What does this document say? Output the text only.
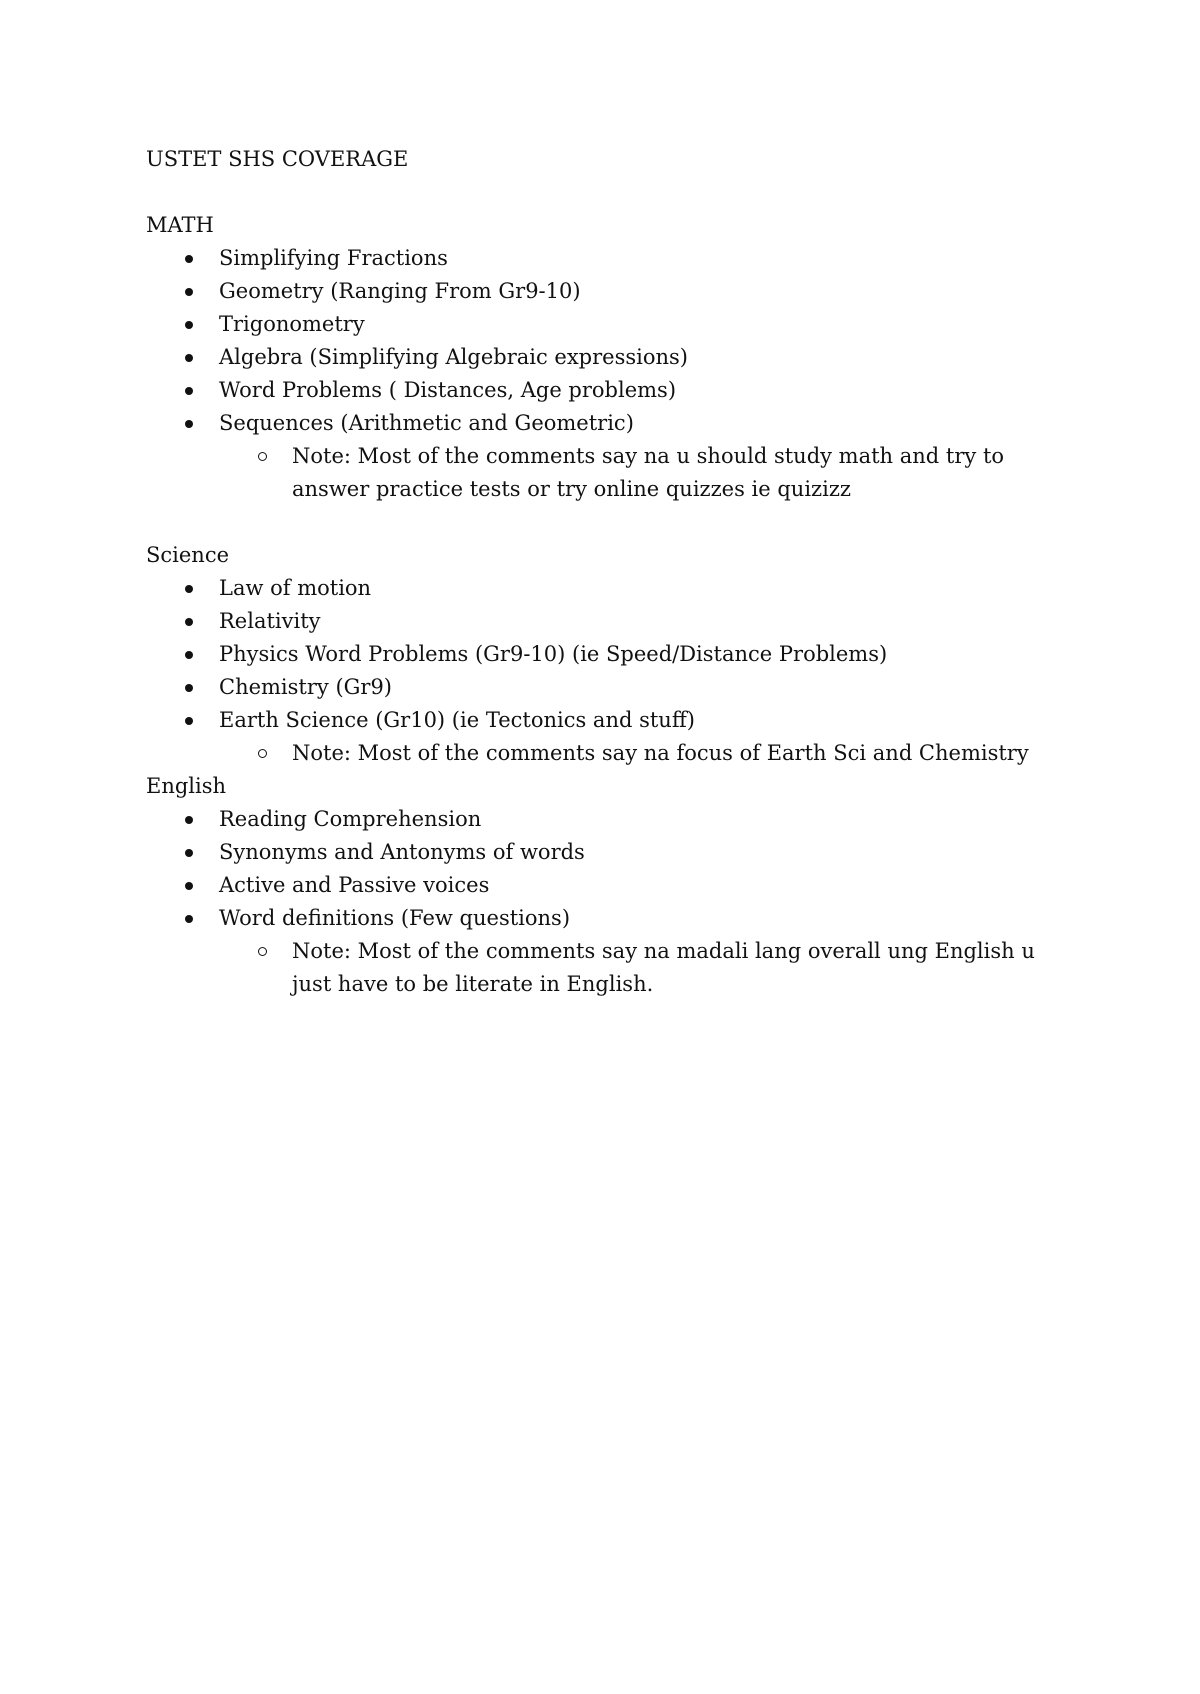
USTET SHS COVERAGE

MATH

Simplifying Fractions
Geometry (Ranging From Gr9-10)
Trigonometry
Algebra (Simplifying Algebraic expressions)
Word Problems ( Distances, Age problems)
Sequences (Arithmetic and Geometric)
Note: Most of the comments say na u should study math and try to answer practice tests or try online quizzes ie quizizz

Science

Law of motion
Relativity
Physics Word Problems (Gr9-10) (ie Speed/Distance Problems)
Chemistry (Gr9)
Earth Science (Gr10) (ie Tectonics and stuff)
Note: Most of the comments say na focus of Earth Sci and Chemistry

English

Reading Comprehension
Synonyms and Antonyms of words
Active and Passive voices
Word definitions (Few questions)
Note: Most of the comments say na madali lang overall ung English u just have to be literate in English.
